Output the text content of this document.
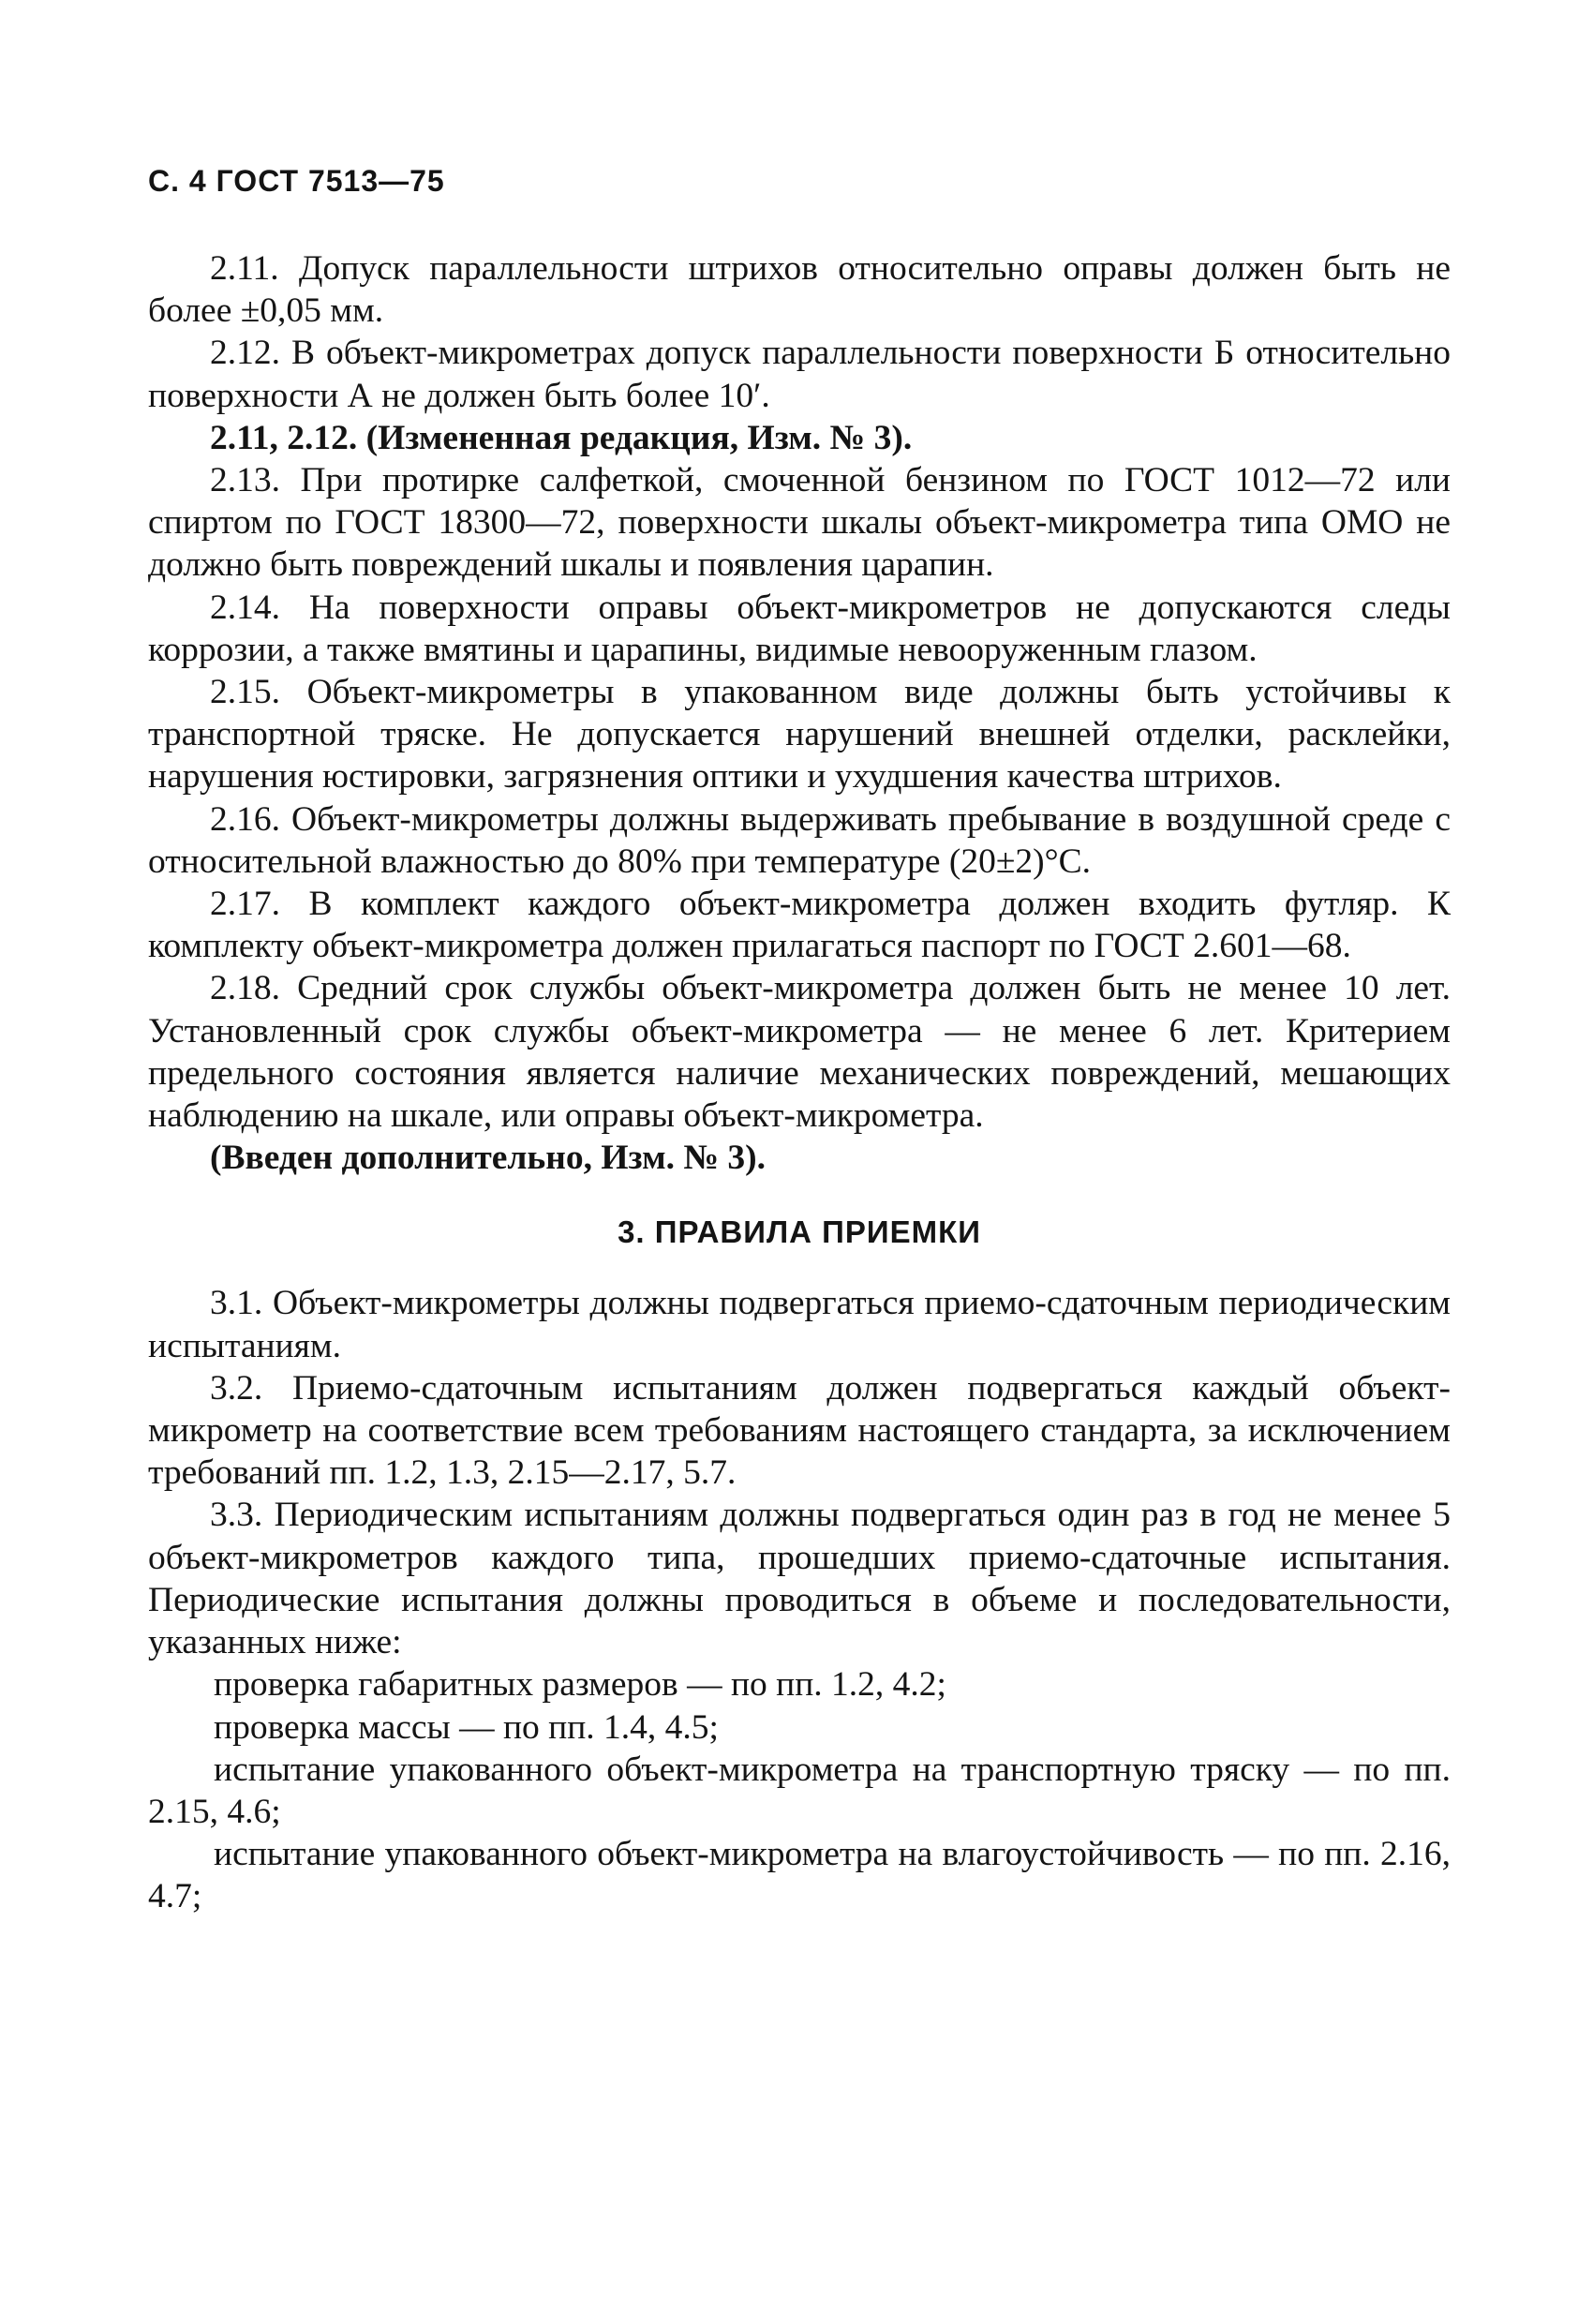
С. 4 ГОСТ 7513—75

2.11. Допуск параллельности штрихов относительно оправы должен быть не более ±0,05 мм.

2.12. В объект-микрометрах допуск параллельности поверхности Б относительно поверхности А не должен быть более 10′.

2.11, 2.12. (Измененная редакция, Изм. № 3).

2.13. При протирке салфеткой, смоченной бензином по ГОСТ 1012—72 или спиртом по ГОСТ 18300—72, поверхности шкалы объект-микрометра типа ОМО не должно быть повреждений шкалы и появления царапин.

2.14. На поверхности оправы объект-микрометров не допускаются следы коррозии, а также вмятины и царапины, видимые невооруженным глазом.

2.15. Объект-микрометры в упакованном виде должны быть устойчивы к транспортной тряске. Не допускается нарушений внешней отделки, расклейки, нарушения юстировки, загрязнения оптики и ухудшения качества штрихов.

2.16. Объект-микрометры должны выдерживать пребывание в воздушной среде с относительной влажностью до 80% при температуре (20±2)°С.

2.17. В комплект каждого объект-микрометра должен входить футляр. К комплекту объект-микрометра должен прилагаться паспорт по ГОСТ 2.601—68.

2.18. Средний срок службы объект-микрометра должен быть не менее 10 лет. Установленный срок службы объект-микрометра — не менее 6 лет. Критерием предельного состояния является наличие механических повреждений, мешающих наблюдению на шкале, или оправы объект-микрометра.

(Введен дополнительно, Изм. № 3).

3. ПРАВИЛА ПРИЕМКИ

3.1. Объект-микрометры должны подвергаться приемо-сдаточным периодическим испытаниям.

3.2. Приемо-сдаточным испытаниям должен подвергаться каждый объект-микрометр на соответствие всем требованиям настоящего стандарта, за исключением требований пп. 1.2, 1.3, 2.15—2.17, 5.7.

3.3. Периодическим испытаниям должны подвергаться один раз в год не менее 5 объект-микрометров каждого типа, прошедших приемо-сдаточные испытания. Периодические испытания должны проводиться в объеме и последовательности, указанных ниже:

проверка габаритных размеров — по пп. 1.2, 4.2;

проверка массы — по пп. 1.4, 4.5;

испытание упакованного объект-микрометра на транспортную тряску — по пп. 2.15, 4.6;

испытание упакованного объект-микрометра на влагоустойчивость — по пп. 2.16, 4.7;
